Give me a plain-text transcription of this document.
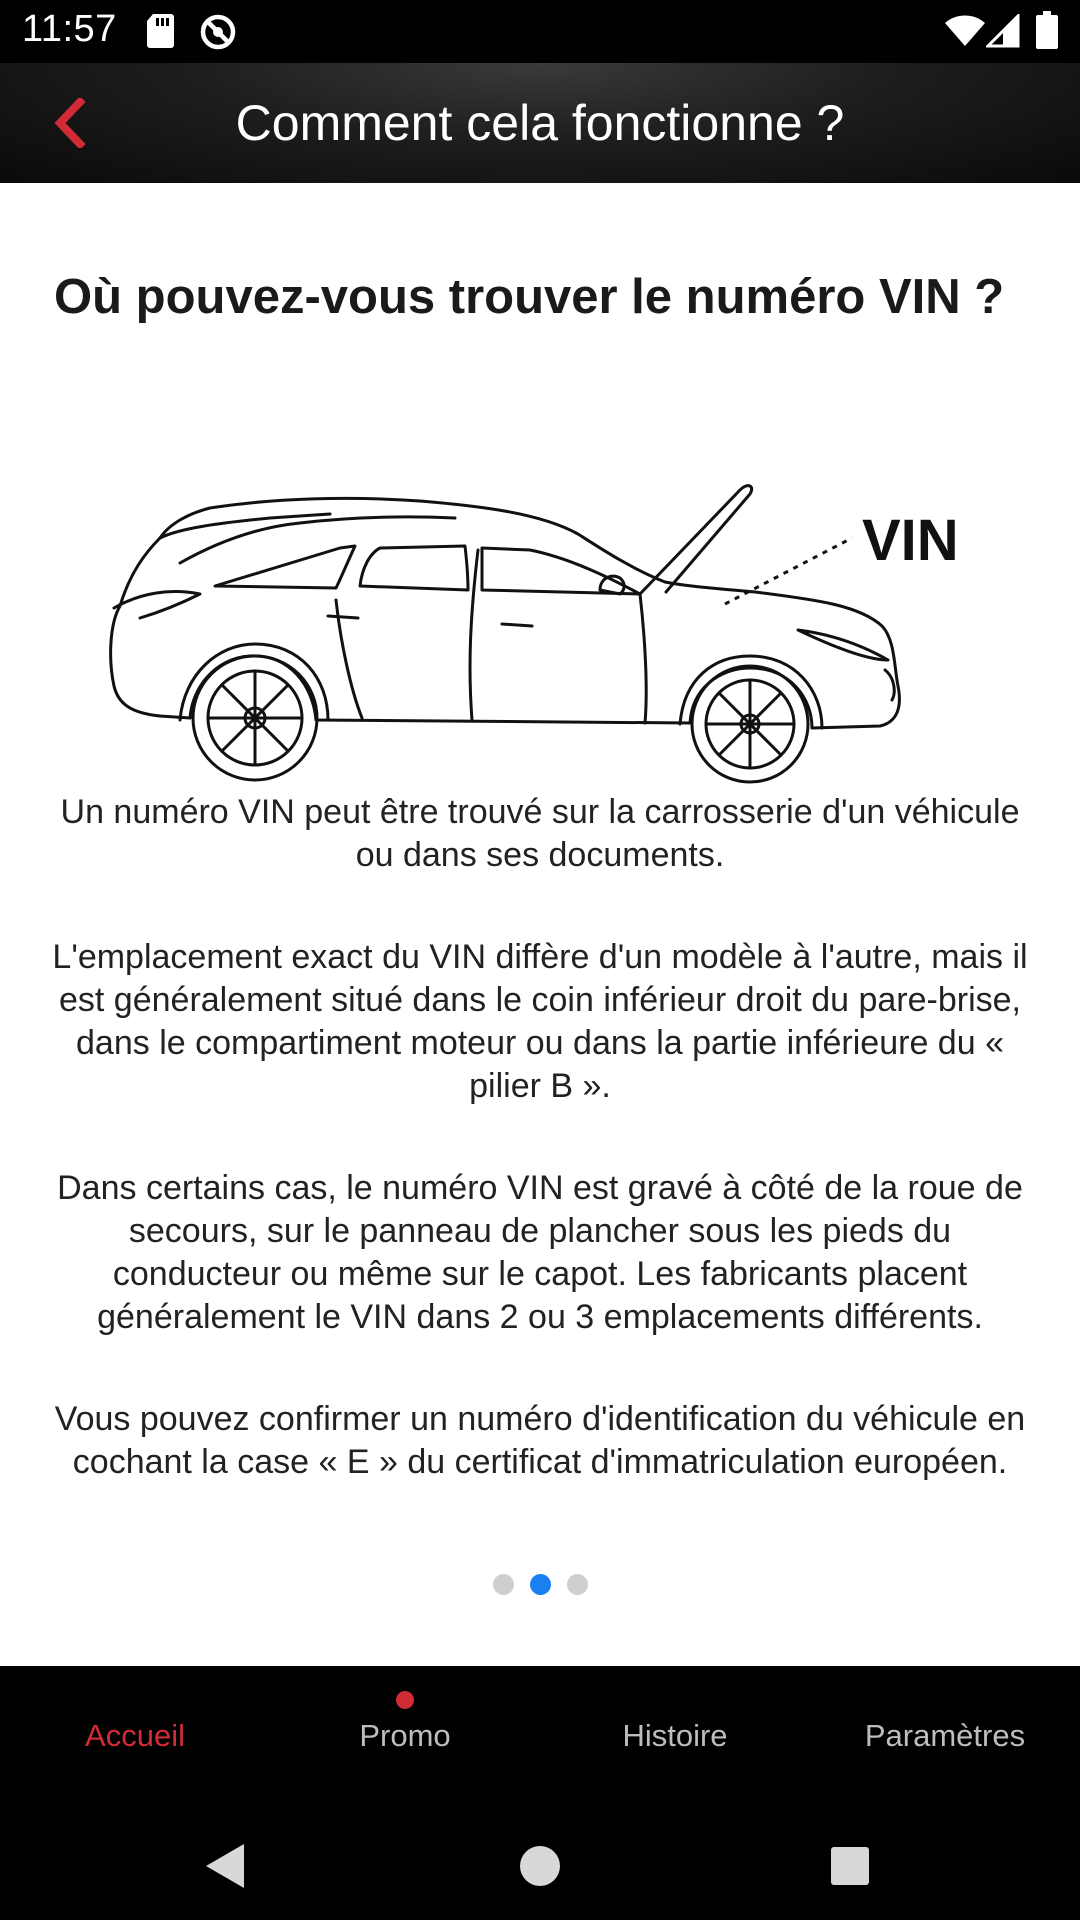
11:57
Comment cela fonctionne ?
Où pouvez-vous trouver le numéro VIN ?
VIN

Un numéro VIN peut être trouvé sur la carrosserie d'un véhicule ou dans ses documents.

L'emplacement exact du VIN diffère d'un modèle à l'autre, mais il est généralement situé dans le coin inférieur droit du pare-brise, dans le compartiment moteur ou dans la partie inférieure du « pilier B ».

Dans certains cas, le numéro VIN est gravé à côté de la roue de secours, sur le panneau de plancher sous les pieds du conducteur ou même sur le capot. Les fabricants placent généralement le VIN dans 2 ou 3 emplacements différents.

Vous pouvez confirmer un numéro d'identification du véhicule en cochant la case « E » du certificat d'immatriculation européen.

Accueil	Promo	Histoire	Paramètres
